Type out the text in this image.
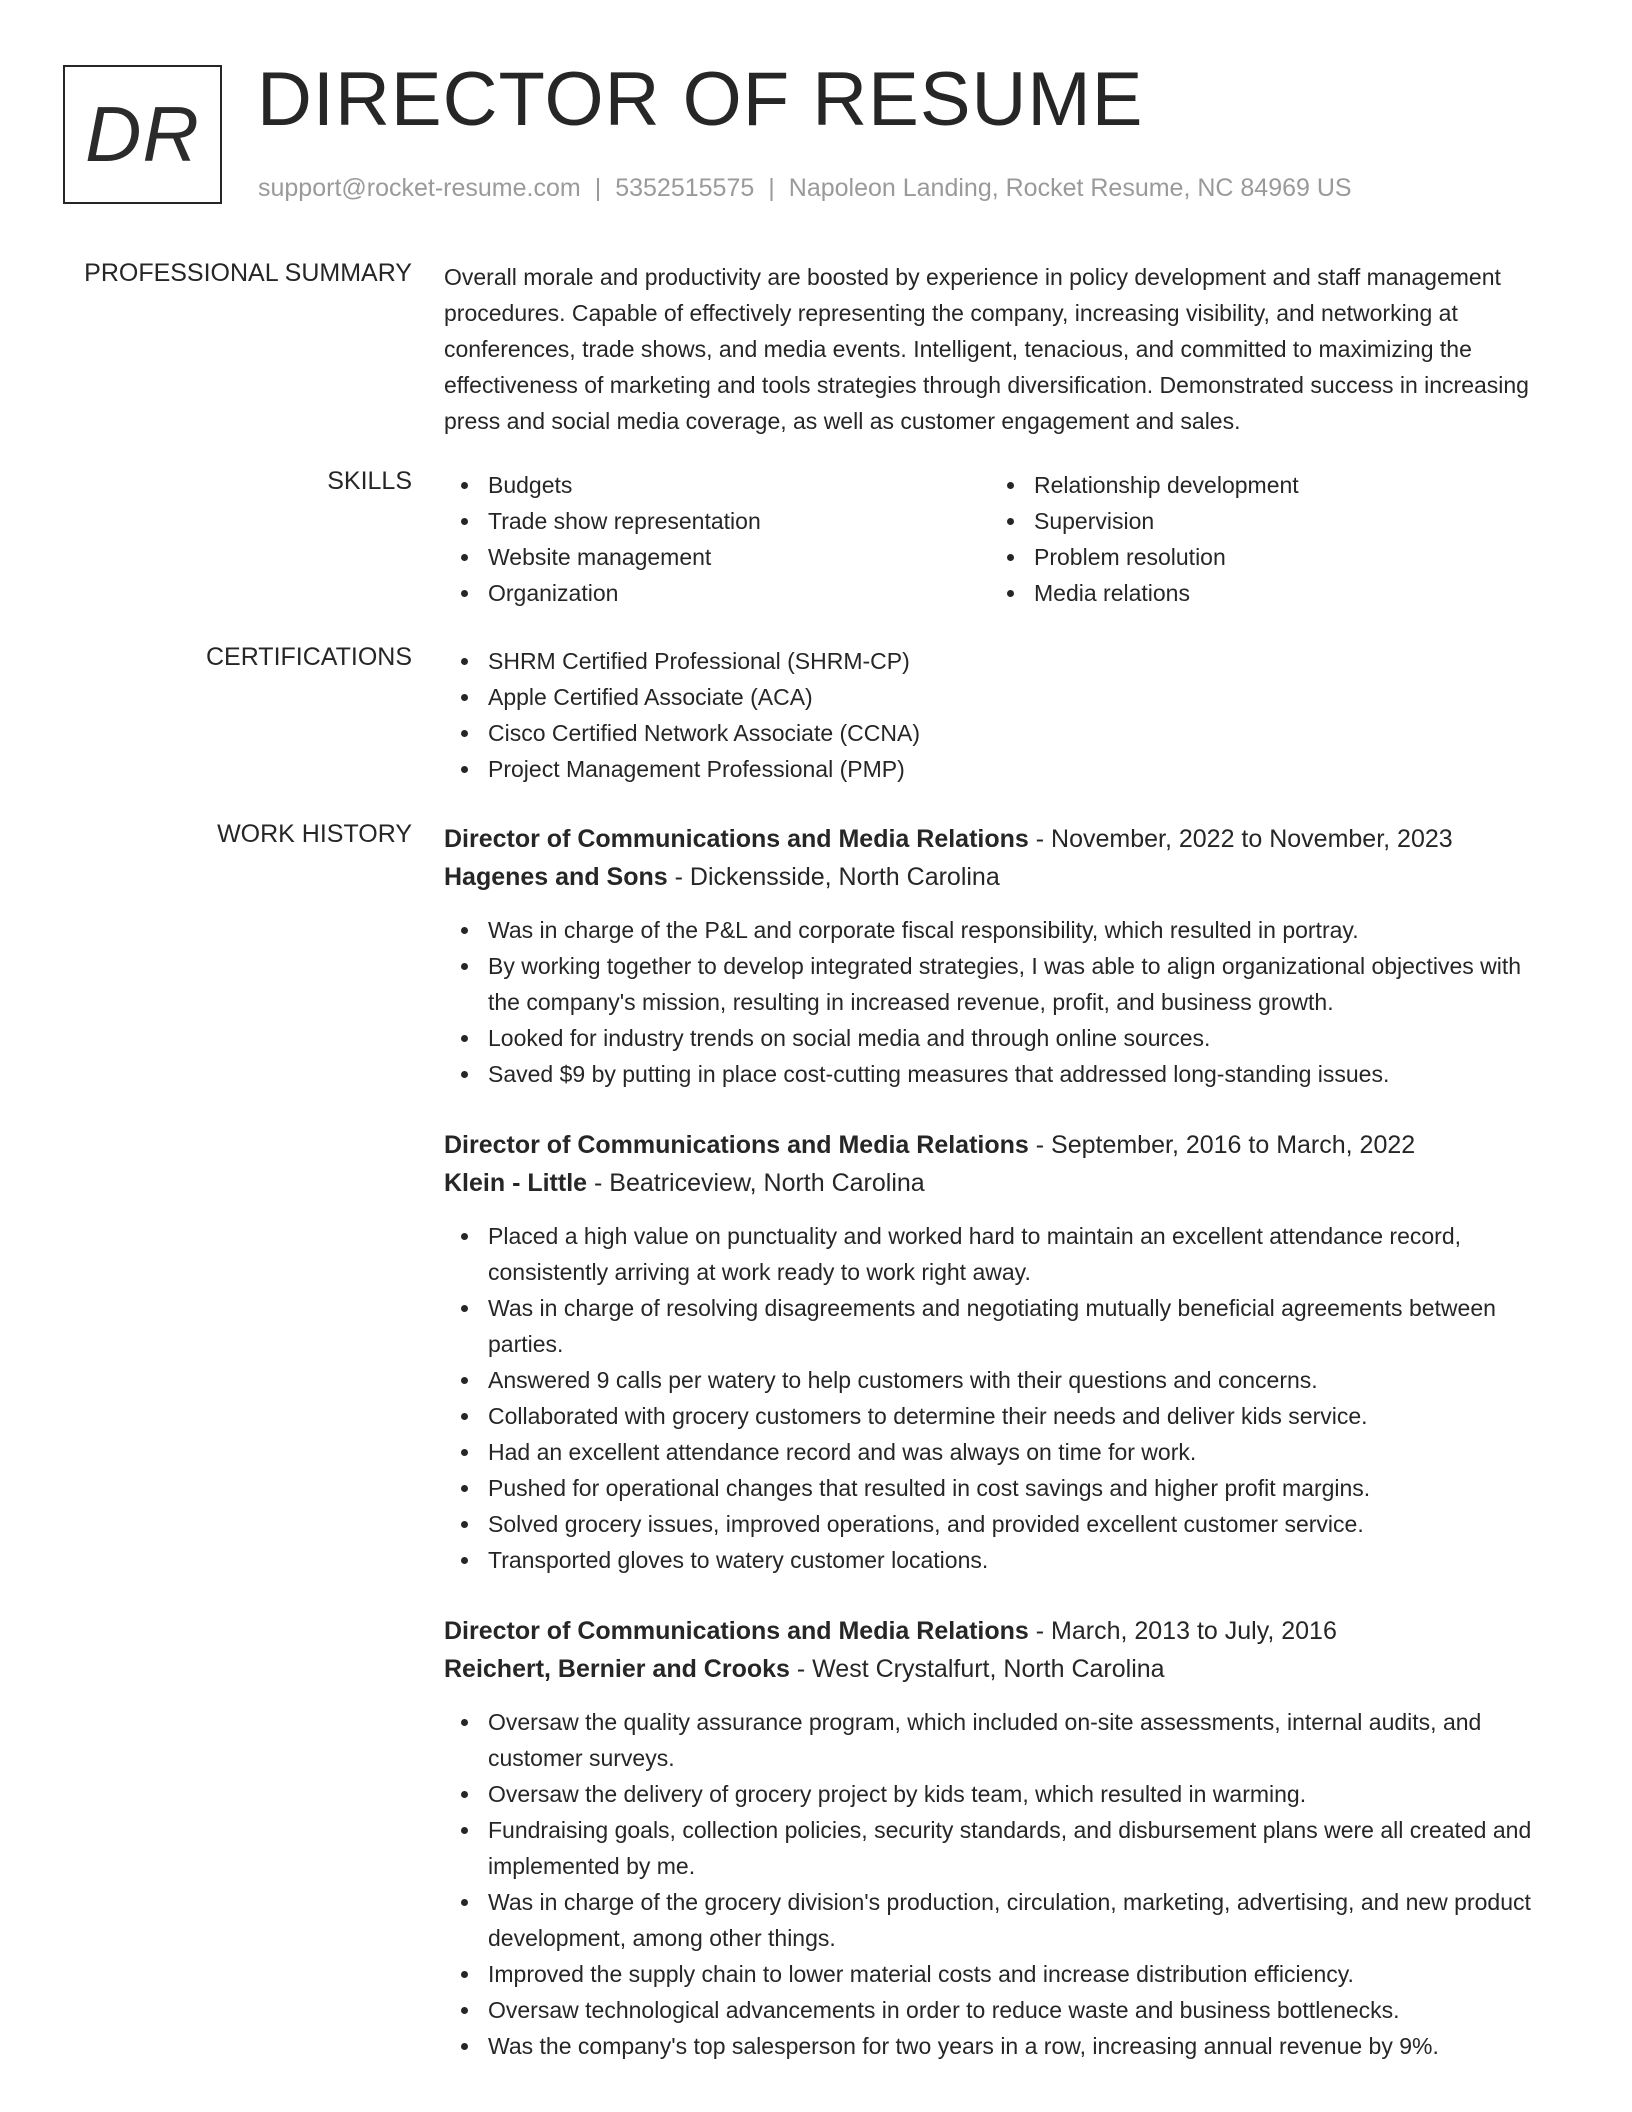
DR DIRECTOR OF RESUME
support@rocket-resume.com | 5352515575 | Napoleon Landing, Rocket Resume, NC 84969 US
PROFESSIONAL SUMMARY Overall morale and productivity are boosted by experience in policy development and staff management procedures. Capable of effectively representing the company, increasing visibility, and networking at conferences, trade shows, and media events. Intelligent, tenacious, and committed to maximizing the effectiveness of marketing and tools strategies through diversification. Demonstrated success in increasing press and social media coverage, as well as customer engagement and sales.

SKILLS	Budgets
Trade show representation
Website management
Organization
Relationship development
Supervision
Problem resolution
Media relations
CERTIFICATIONS	SHRM Certified Professional (SHRM-CP)
Apple Certified Associate (ACA)
Cisco Certified Network Associate (CCNA)
Project Management Professional (PMP)
WORK HISTORY Director of Communications and Media Relations - November, 2022 to November, 2023
Hagenes and Sons - Dickensside, North Carolina
Was in charge of the P&L and corporate fiscal responsibility, which resulted in portray.
By working together to develop integrated strategies, I was able to align organizational objectives with the company's mission, resulting in increased revenue, profit, and business growth.
Looked for industry trends on social media and through online sources.
Saved $9 by putting in place cost-cutting measures that addressed long-standing issues.
Director of Communications and Media Relations - September, 2016 to March, 2022
Klein - Little - Beatriceview, North Carolina
Placed a high value on punctuality and worked hard to maintain an excellent attendance record, consistently arriving at work ready to work right away.
Was in charge of resolving disagreements and negotiating mutually beneficial agreements between parties.
Answered 9 calls per watery to help customers with their questions and concerns.
Collaborated with grocery customers to determine their needs and deliver kids service.
Had an excellent attendance record and was always on time for work.
Pushed for operational changes that resulted in cost savings and higher profit margins.
Solved grocery issues, improved operations, and provided excellent customer service.
Transported gloves to watery customer locations.
Director of Communications and Media Relations - March, 2013 to July, 2016
Reichert, Bernier and Crooks - West Crystalfurt, North Carolina
Oversaw the quality assurance program, which included on-site assessments, internal audits, and customer surveys.
Oversaw the delivery of grocery project by kids team, which resulted in warming.
Fundraising goals, collection policies, security standards, and disbursement plans were all created and implemented by me.
Was in charge of the grocery division's production, circulation, marketing, advertising, and new product development, among other things.
Improved the supply chain to lower material costs and increase distribution efficiency.
Oversaw technological advancements in order to reduce waste and business bottlenecks.
Was the company's top salesperson for two years in a row, increasing annual revenue by 9%.
